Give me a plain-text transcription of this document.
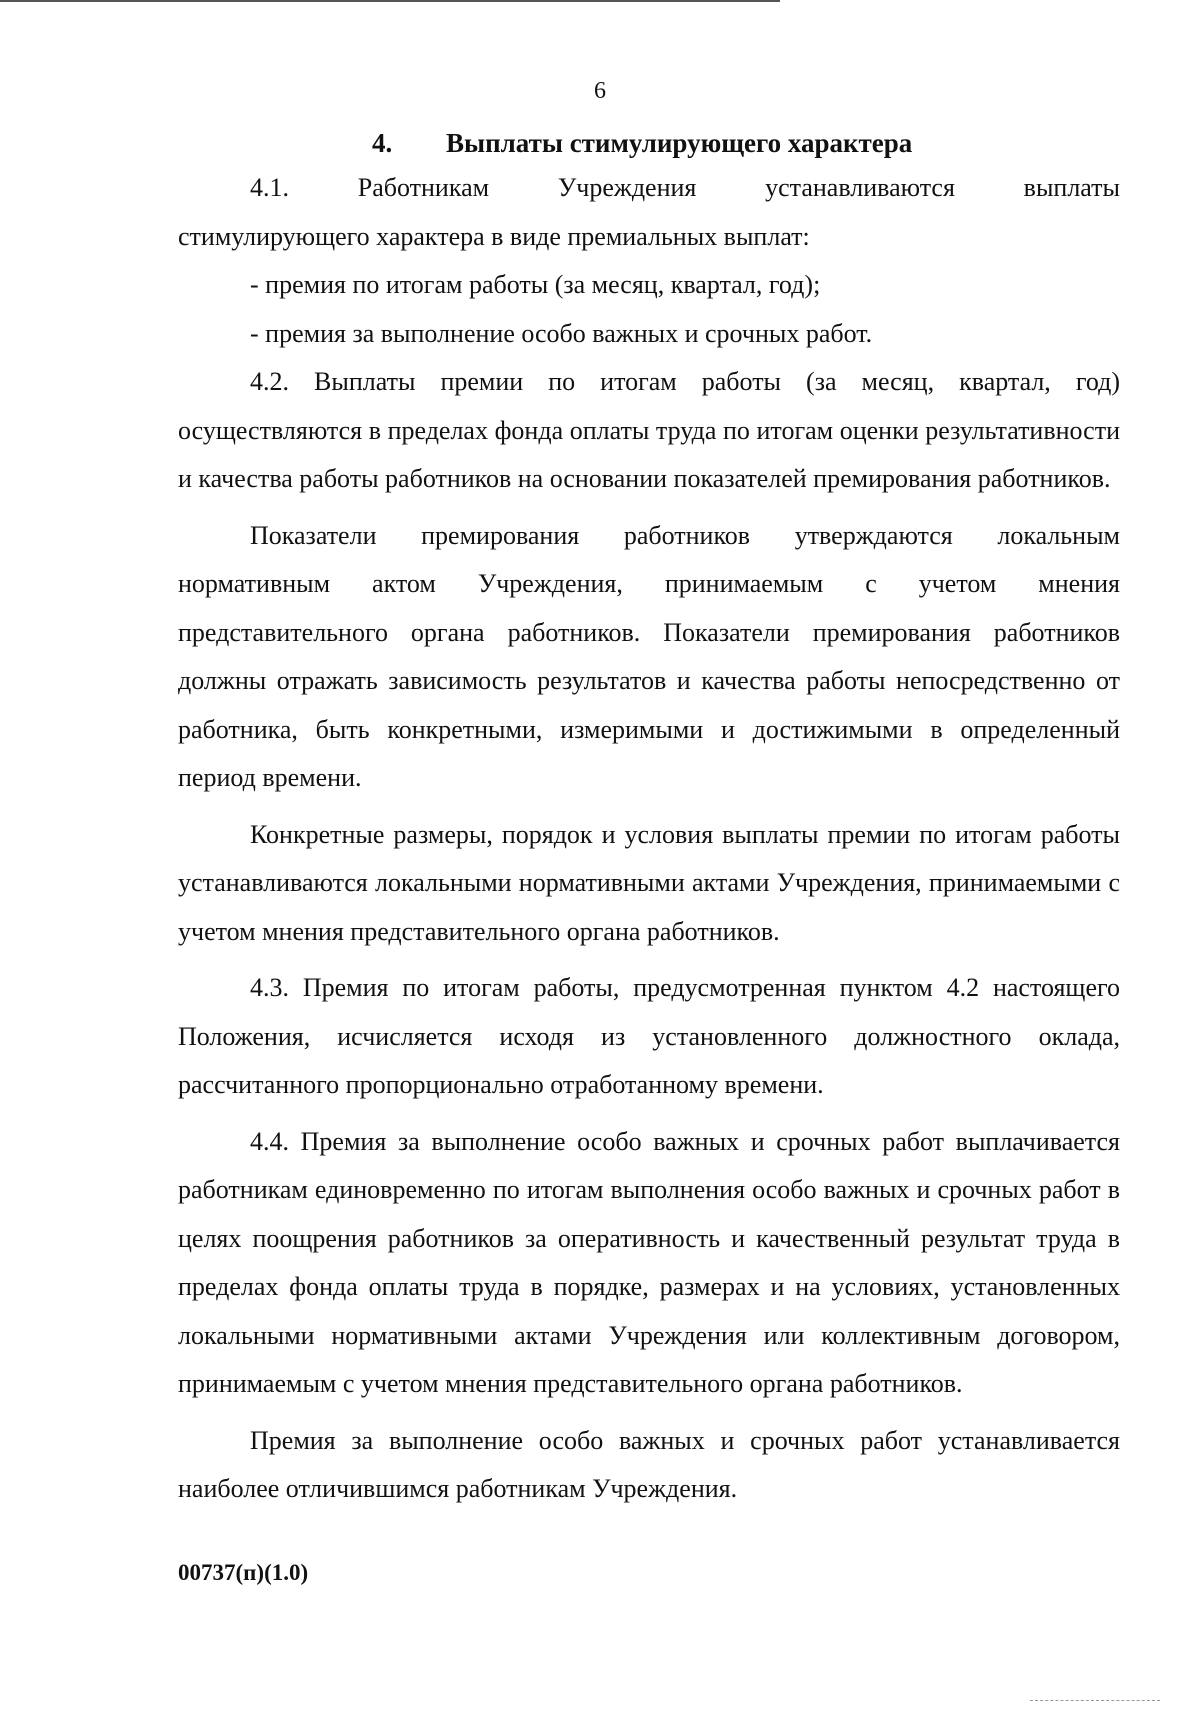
6
4. Выплаты стимулирующего характера

4.1. Работникам Учреждения устанавливаются выплаты

стимулирующего характера в виде премиальных выплат:

- премия по итогам работы (за месяц, квартал, год);

- премия за выполнение особо важных и срочных работ.

4.2. Выплаты премии по итогам работы (за месяц, квартал, год) осуществляются в пределах фонда оплаты труда по итогам оценки результативности и качества работы работников на основании показателей премирования работников.

Показатели премирования работников утверждаются локальным нормативным актом Учреждения, принимаемым с учетом мнения представительного органа работников. Показатели премирования работников должны отражать зависимость результатов и качества работы непосредственно от работника, быть конкретными, измеримыми и достижимыми в определенный период времени.

Конкретные размеры, порядок и условия выплаты премии по итогам работы устанавливаются локальными нормативными актами Учреждения, принимаемыми с учетом мнения представительного органа работников.

4.3. Премия по итогам работы, предусмотренная пунктом 4.2 настоящего Положения, исчисляется исходя из установленного должностного оклада, рассчитанного пропорционально отработанному времени.

4.4. Премия за выполнение особо важных и срочных работ выплачивается работникам единовременно по итогам выполнения особо важных и срочных работ в целях поощрения работников за оперативность и качественный результат труда в пределах фонда оплаты труда в порядке, размерах и на условиях, установленных локальными нормативными актами Учреждения или коллективным договором, принимаемым с учетом мнения представительного органа работников.

Премия за выполнение особо важных и срочных работ устанавливается наиболее отличившимся работникам Учреждения.

00737(п)(1.0)
